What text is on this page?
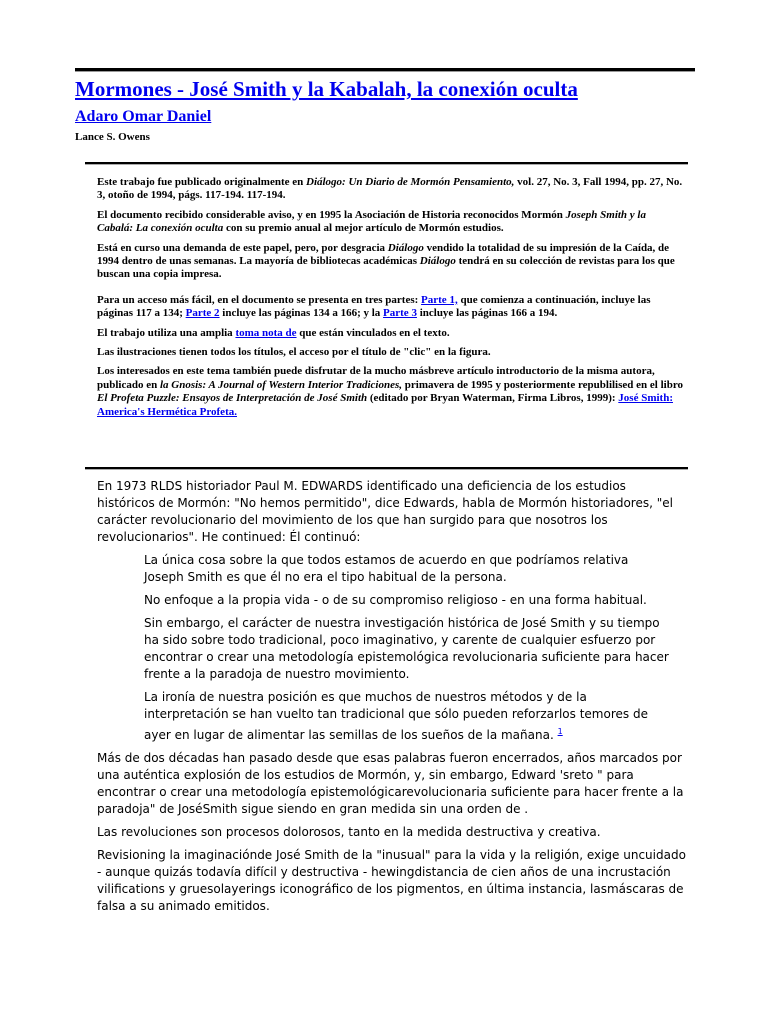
Mormones - José Smith y la Kabalah, la conexión oculta
Adaro Omar Daniel
Lance S. Owens

Este trabajo fue publicado originalmente en Diálogo: Un Diario de Mormón Pensamiento, vol. 27, No. 3, Fall 1994, pp. 27, No. 3, otoño de 1994, págs. 117-194. 117-194.

El documento recibido considerable aviso, y en 1995 la Asociación de Historia reconocidos Mormón Joseph Smith y la Cabalá: La conexión oculta con su premio anual al mejor artículo de Mormón estudios.

Está en curso una demanda de este papel, pero, por desgracia Diálogo vendido la totalidad de su impresión de la Caída, de 1994 dentro de unas semanas. La mayoría de bibliotecas académicas Diálogo tendrá en su colección de revistas para los que buscan una copia impresa.

Para un acceso más fácil, en el documento se presenta en tres partes: Parte 1, que comienza a continuación, incluye las páginas 117 a 134; Parte 2 incluye las páginas 134 a 166; y la Parte 3 incluye las páginas 166 a 194.

El trabajo utiliza una amplia toma nota de que están vinculados en el texto.

Las ilustraciones tienen todos los títulos, el acceso por el título de "clic" en la figura.

Los interesados en este tema también puede disfrutar de la mucho másbreve artículo introductorio de la misma autora, publicado en la Gnosis: A Journal of Western Interior Tradiciones, primavera de 1995 y posteriormente republilised en el libro El Profeta Puzzle: Ensayos de Interpretación de José Smith (editado por Bryan Waterman, Firma Libros, 1999): José Smith: America's Hermética Profeta.

En 1973 RLDS historiador Paul M. EDWARDS identificado una deficiencia de los estudios históricos de Mormón: "No hemos permitido", dice Edwards, habla de Mormón historiadores, "el carácter revolucionario del movimiento de los que han surgido para que nosotros los revolucionarios". He continued: Él continuó:

La única cosa sobre la que todos estamos de acuerdo en que podríamos relativa Joseph Smith es que él no era el tipo habitual de la persona.

No enfoque a la propia vida - o de su compromiso religioso - en una forma habitual.

Sin embargo, el carácter de nuestra investigación histórica de José Smith y su tiempo ha sido sobre todo tradicional, poco imaginativo, y carente de cualquier esfuerzo por encontrar o crear una metodología epistemológica revolucionaria suficiente para hacer frente a la paradoja de nuestro movimiento.

La ironía de nuestra posición es que muchos de nuestros métodos y de la interpretación se han vuelto tan tradicional que sólo pueden reforzarlos temores de ayer en lugar de alimentar las semillas de los sueños de la mañana. $^1$

Más de dos décadas han pasado desde que esas palabras fueron encerrados, años marcados por una auténtica explosión de los estudios de Mormón, y, sin embargo, Edward 'sreto " para encontrar o crear una metodología epistemológicarevolucionaria suficiente para hacer frente a la paradoja" de JoséSmith sigue siendo en gran medida sin una orden de .

Las revoluciones son procesos dolorosos, tanto en la medida destructiva y creativa.

Revisioning la imaginaciónde José Smith de la "inusual" para la vida y la religión, exige uncuidado - aunque quizás todavía difícil y destructiva - hewingdistancia de cien años de una incrustación vilifications y gruesolayerings iconográfico de los pigmentos, en última instancia, lasmáscaras de falsa a su animado emitidos.
